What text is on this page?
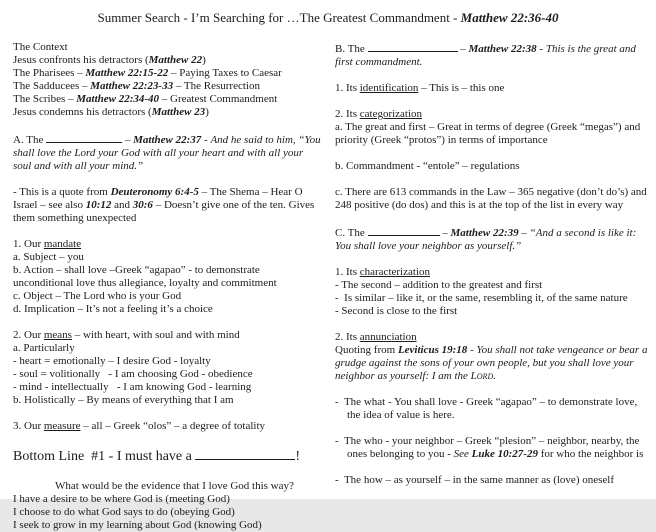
Summer Search - I’m Searching for …The Greatest Commandment - Matthew 22:36-40
The Context
Jesus confronts his detractors (Matthew 22)
The Pharisees – Matthew 22:15-22 – Paying Taxes to Caesar
The Sadducees – Matthew 22:23-33 – The Resurrection
The Scribes – Matthew 22:34-40 – Greatest Commandment
Jesus condemns his detractors (Matthew 23)
A. The	– Matthew 22:37 - And he said to him, “You shall love the Lord your God with all your heart and with all your soul and with all your mind.”
- This is a quote from Deuteronomy 6:4-5 – The Shema – Hear O Israel – see also 10:12 and 30:6 – Doesn’t give one of the ten. Gives them something unexpected
1. Our mandate
a. Subject – you
b. Action – shall love –Greek “agapao” - to demonstrate unconditional love thus allegiance, loyalty and commitment
c. Object – The Lord who is your God
d. Implication – It’s not a feeling it’s a choice
2. Our means – with heart, with soul and with mind
a. Particularly
- heart = emotionally – I desire God - loyalty
- soul = volitionally   - I am choosing God - obedience
- mind - intellectually   - I am knowing God - learning
b. Holistically – By means of everything that I am
3. Our measure – all – Greek “olos” – a degree of totality
Bottom Line  #1 - I must have a	!
What would be the evidence that I love God this way?
I have a desire to be where God is (meeting God)
I choose to do what God says to do (obeying God)
I seek to grow in my learning about God (knowing God)
B. The	– Matthew 22:38 - This is the great and first commandment.
1. Its identification – This is – this one
2. Its categorization
a. The great and first – Great in terms of degree (Greek “megas”) and priority (Greek “protos”) in terms of importance
b. Commandment - “entole” – regulations
c. There are 613 commands in the Law – 365 negative (don’t do’s) and 248 positive (do dos) and this is at the top of the list in every way
C. The	– Matthew 22:39 – “And a second is like it: You shall love your neighbor as yourself.”
1. Its characterization
- The second – addition to the greatest and first
-  Is similar – like it, or the same, resembling it, of the same nature
- Second is close to the first
2. Its annunciation
Quoting from Leviticus 19:18 - You shall not take vengeance or bear a grudge against the sons of your own people, but you shall love your neighbor as yourself: I am the Lord.
-  The what - You shall love - Greek “agapao” – to demonstrate love, the idea of value is here.
-  The who - your neighbor – Greek “plesion” – neighbor, nearby, the ones belonging to you - See Luke 10:27-29 for who the neighbor is
-  The how – as yourself – in the same manner as (love) oneself
